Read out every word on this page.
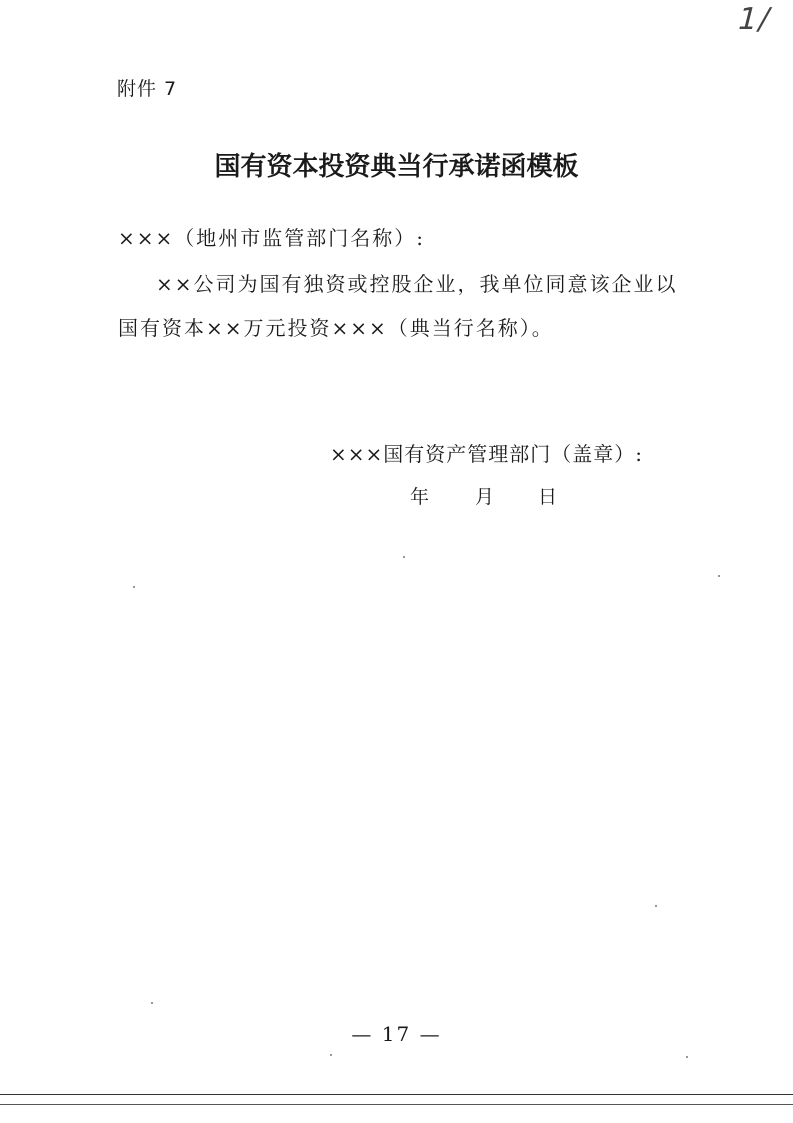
1/
附件 7
国有资本投资典当行承诺函模板
×××（地州市监管部门名称）:
××公司为国有独资或控股企业，我单位同意该企业以
国有资本××万元投资×××（典当行名称）。
×××国有资产管理部门（盖章）:
年 月 日
— 17 —
